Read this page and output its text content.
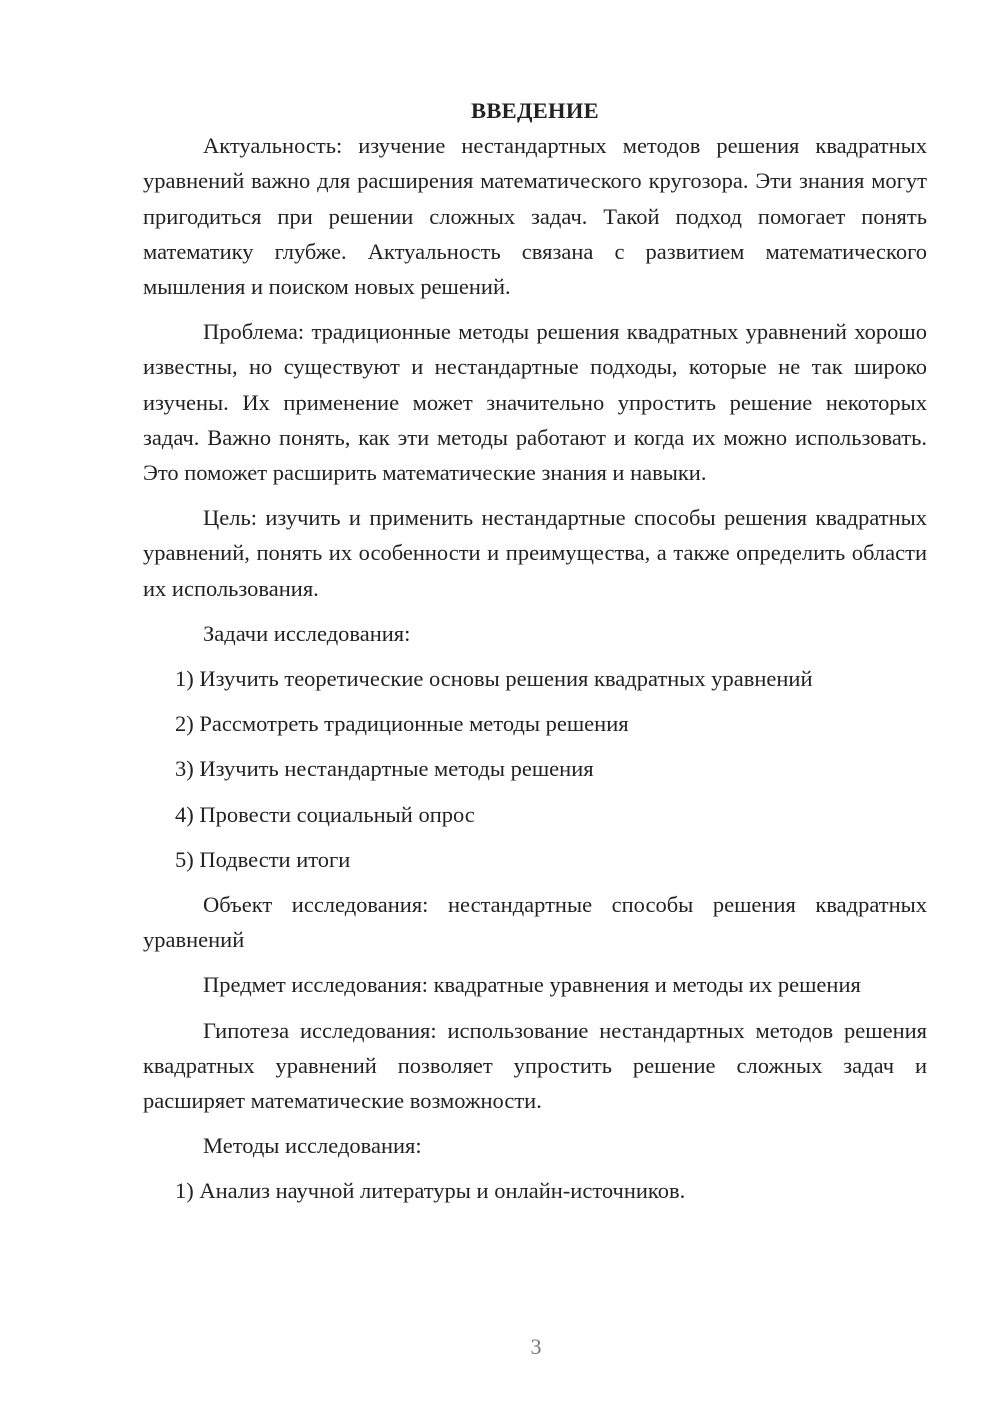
ВВЕДЕНИЕ

Актуальность: изучение нестандартных методов решения квадратных уравнений важно для расширения математического кругозора. Эти знания могут пригодиться при решении сложных задач. Такой подход помогает понять математику глубже. Актуальность связана с развитием математического мышления и поиском новых решений.

Проблема: традиционные методы решения квадратных уравнений хорошо известны, но существуют и нестандартные подходы, которые не так широко изучены. Их применение может значительно упростить решение некоторых задач. Важно понять, как эти методы работают и когда их можно использовать. Это поможет расширить математические знания и навыки.

Цель: изучить и применить нестандартные способы решения квадратных уравнений, понять их особенности и преимущества, а также определить области их использования.

Задачи исследования:

1) Изучить теоретические основы решения квадратных уравнений
2) Рассмотреть традиционные методы решения
3) Изучить нестандартные методы решения
4) Провести социальный опрос
5) Подвести итоги

Объект исследования: нестандартные способы решения квадратных уравнений

Предмет исследования: квадратные уравнения и методы их решения

Гипотеза исследования: использование нестандартных методов решения квадратных уравнений позволяет упростить решение сложных задач и расширяет математические возможности.

Методы исследования:

1) Анализ научной литературы и онлайн-источников.
3
